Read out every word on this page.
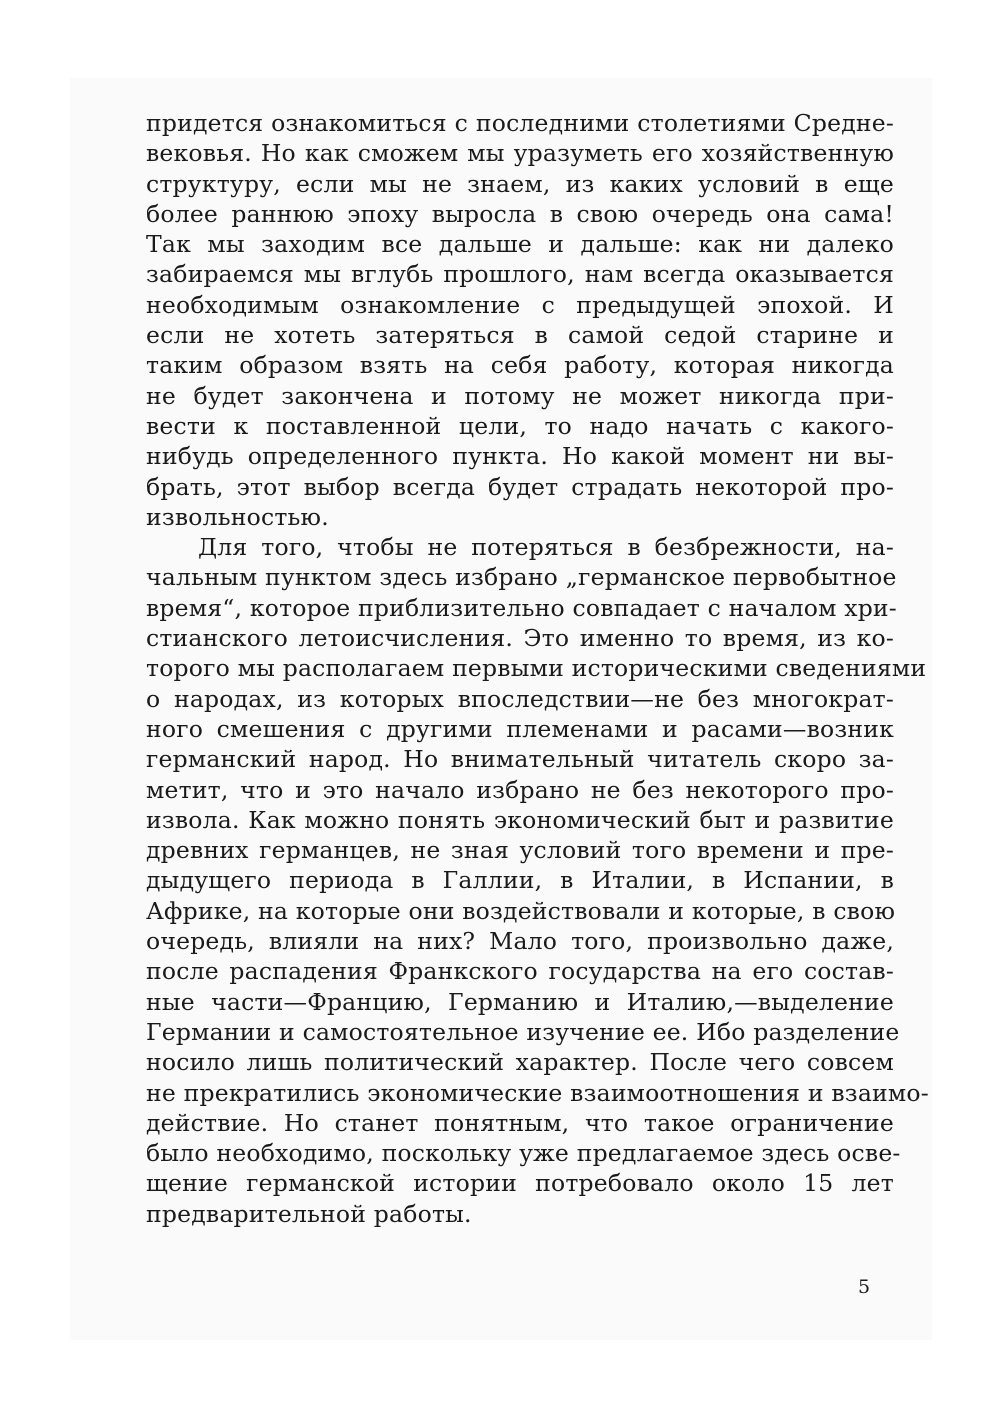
придется ознакомиться с последними столетиями Средне-
вековья. Но как сможем мы уразуметь его хозяйственную
структуру, если мы не знаем, из каких условий в еще
более раннюю эпоху выросла в свою очередь она сама!
Так мы заходим все дальше и дальше: как ни далеко
забираемся мы вглубь прошлого, нам всегда оказывается
необходимым ознакомление с предыдущей эпохой. И
если не хотеть затеряться в самой седой старине и
таким образом взять на себя работу, которая никогда
не будет закончена и потому не может никогда при-
вести к поставленной цели, то надо начать с какого-
нибудь определенного пункта. Но какой момент ни вы-
брать, этот выбор всегда будет страдать некоторой про-
извольностью.
Для того, чтобы не потеряться в безбрежности, на-
чальным пунктом здесь избрано „германское первобытное
время“, которое приблизительно совпадает с началом хри-
стианского летоисчисления. Это именно то время, из ко-
торого мы располагаем первыми историческими сведениями
о народах, из которых впоследствии—не без многократ-
ного смешения с другими племенами и расами—возник
германский народ. Но внимательный читатель скоро за-
метит, что и это начало избрано не без некоторого про-
извола. Как можно понять экономический быт и развитие
древних германцев, не зная условий того времени и пре-
дыдущего периода в Галлии, в Италии, в Испании, в
Африке, на которые они воздействовали и которые, в свою
очередь, влияли на них? Мало того, произвольно даже,
после распадения Франкского государства на его состав-
ные части—Францию, Германию и Италию,—выделение
Германии и самостоятельное изучение ее. Ибо разделение
носило лишь политический характер. После чего совсем
не прекратились экономические взаимоотношения и взаимо-
действие. Но станет понятным, что такое ограничение
было необходимо, поскольку уже предлагаемое здесь осве-
щение германской истории потребовало около 15 лет
предварительной работы.
5
